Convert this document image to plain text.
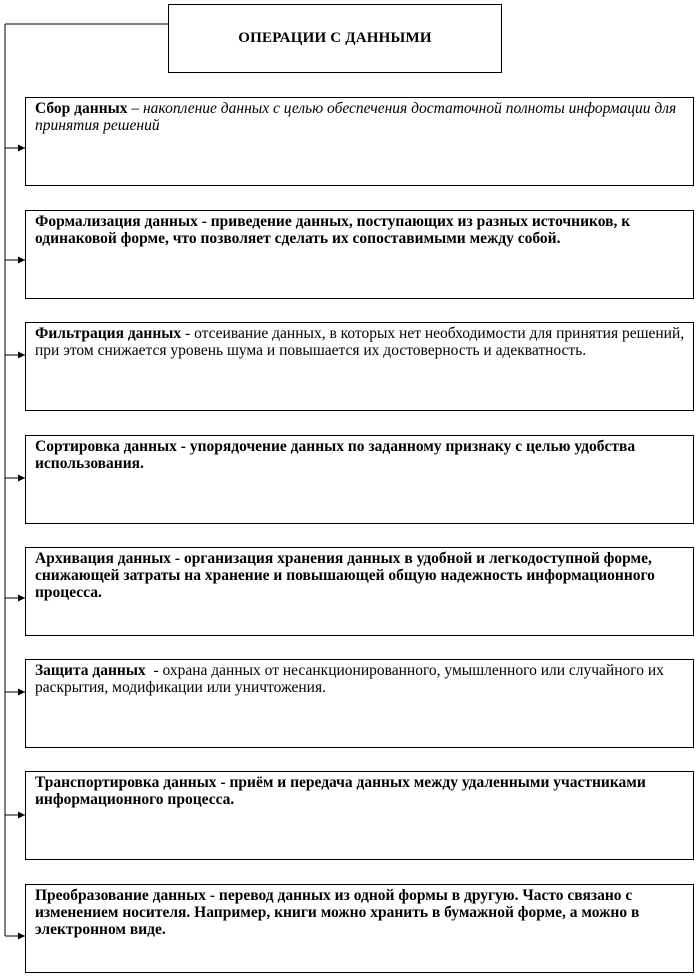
ОПЕРАЦИИ С ДАННЫМИ
Сбор данных – накопление данных с целью обеспечения достаточной полноты информации для принятия решений
Формализация данных - приведение данных, поступающих из разных источников, к одинаковой форме, что позволяет сделать их сопоставимыми между собой.
Фильтрация данных - отсеивание данных, в которых нет необходимости для принятия решений, при этом снижается уровень шума и повышается их достоверность и адекватность.
Сортировка данных - упорядочение данных по заданному признаку с целью удобства использования.
Архивация данных - организация хранения данных в удобной и легкодоступной форме, снижающей затраты на хранение и повышающей общую надежность информационного процесса.
Защита данных  - охрана данных от несанкционированного, умышленного или случайного их раскрытия, модификации или уничтожения.
Транспортировка данных - приём и передача данных между удаленными участниками информационного процесса.
Преобразование данных - перевод данных из одной формы в другую. Часто связано с изменением носителя. Например, книги можно хранить в бумажной форме, а можно в электронном виде.
